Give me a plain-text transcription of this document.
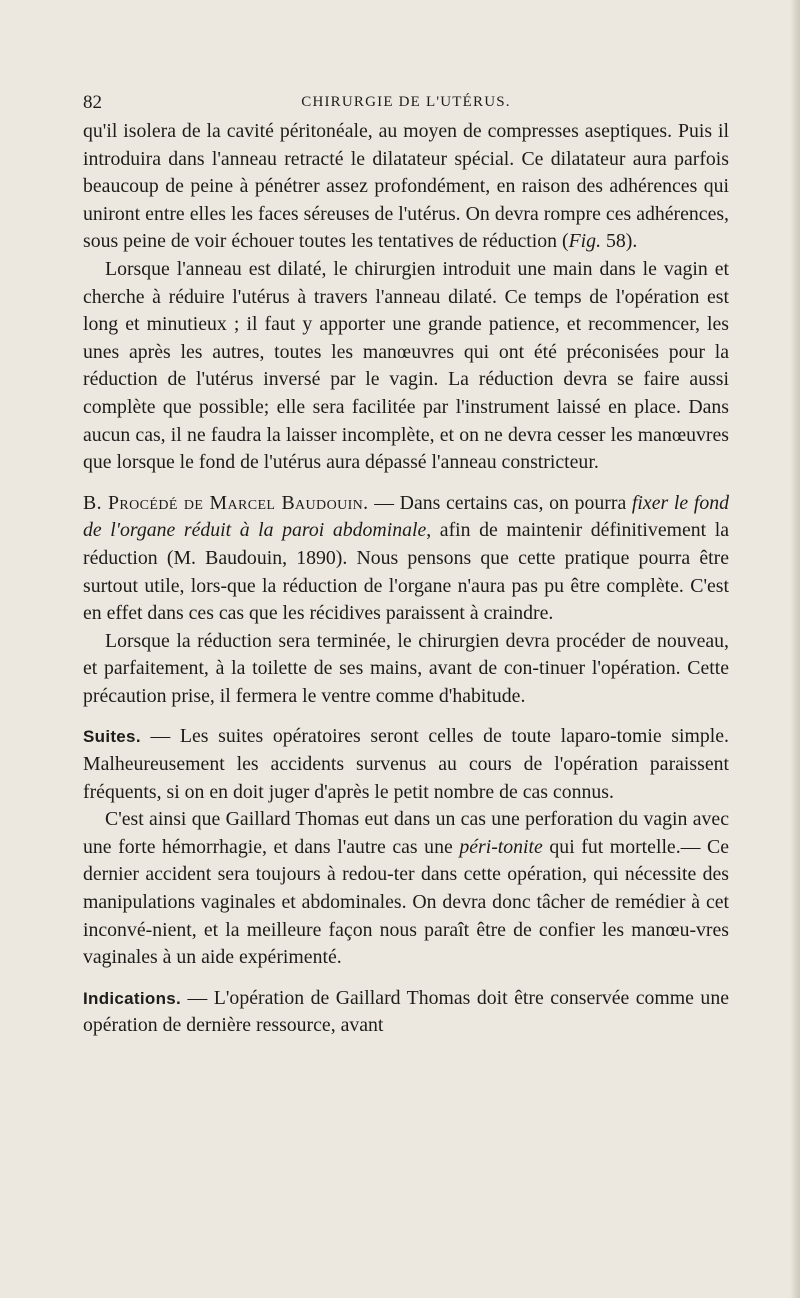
82	CHIRURGIE DE L'UTÉRUS.

qu'il isolera de la cavité péritonéale, au moyen de compresses aseptiques. Puis il introduira dans l'anneau retracté le dilatateur spécial. Ce dilatateur aura parfois beaucoup de peine à pénétrer assez profondément, en raison des adhérences qui uniront entre elles les faces séreuses de l'utérus. On devra rompre ces adhérences, sous peine de voir échouer toutes les tentatives de réduction (Fig. 58).

Lorsque l'anneau est dilaté, le chirurgien introduit une main dans le vagin et cherche à réduire l'utérus à travers l'anneau dilaté. Ce temps de l'opération est long et minutieux ; il faut y apporter une grande patience, et recommencer, les unes après les autres, toutes les manœuvres qui ont été préconisées pour la réduction de l'utérus inversé par le vagin. La réduction devra se faire aussi complète que possible; elle sera facilitée par l'instrument laissé en place. Dans aucun cas, il ne faudra la laisser incomplète, et on ne devra cesser les manœuvres que lorsque le fond de l'utérus aura dépassé l'anneau constricteur.

B. Procédé de Marcel Baudouin. — Dans certains cas, on pourra fixer le fond de l'organe réduit à la paroi abdominale, afin de maintenir définitivement la réduction (M. Baudouin, 1890). Nous pensons que cette pratique pourra être surtout utile, lors-que la réduction de l'organe n'aura pas pu être complète. C'est en effet dans ces cas que les récidives paraissent à craindre.

Lorsque la réduction sera terminée, le chirurgien devra procéder de nouveau, et parfaitement, à la toilette de ses mains, avant de con-tinuer l'opération. Cette précaution prise, il fermera le ventre comme d'habitude.

Suites. — Les suites opératoires seront celles de toute laparo-tomie simple. Malheureusement les accidents survenus au cours de l'opération paraissent fréquents, si on en doit juger d'après le petit nombre de cas connus.

C'est ainsi que Gaillard Thomas eut dans un cas une perforation du vagin avec une forte hémorrhagie, et dans l'autre cas une péri-tonite qui fut mortelle.— Ce dernier accident sera toujours à redou-ter dans cette opération, qui nécessite des manipulations vaginales et abdominales. On devra donc tâcher de remédier à cet inconvé-nient, et la meilleure façon nous paraît être de confier les manœu-vres vaginales à un aide expérimenté.

Indications. — L'opération de Gaillard Thomas doit être conservée comme une opération de dernière ressource, avant
